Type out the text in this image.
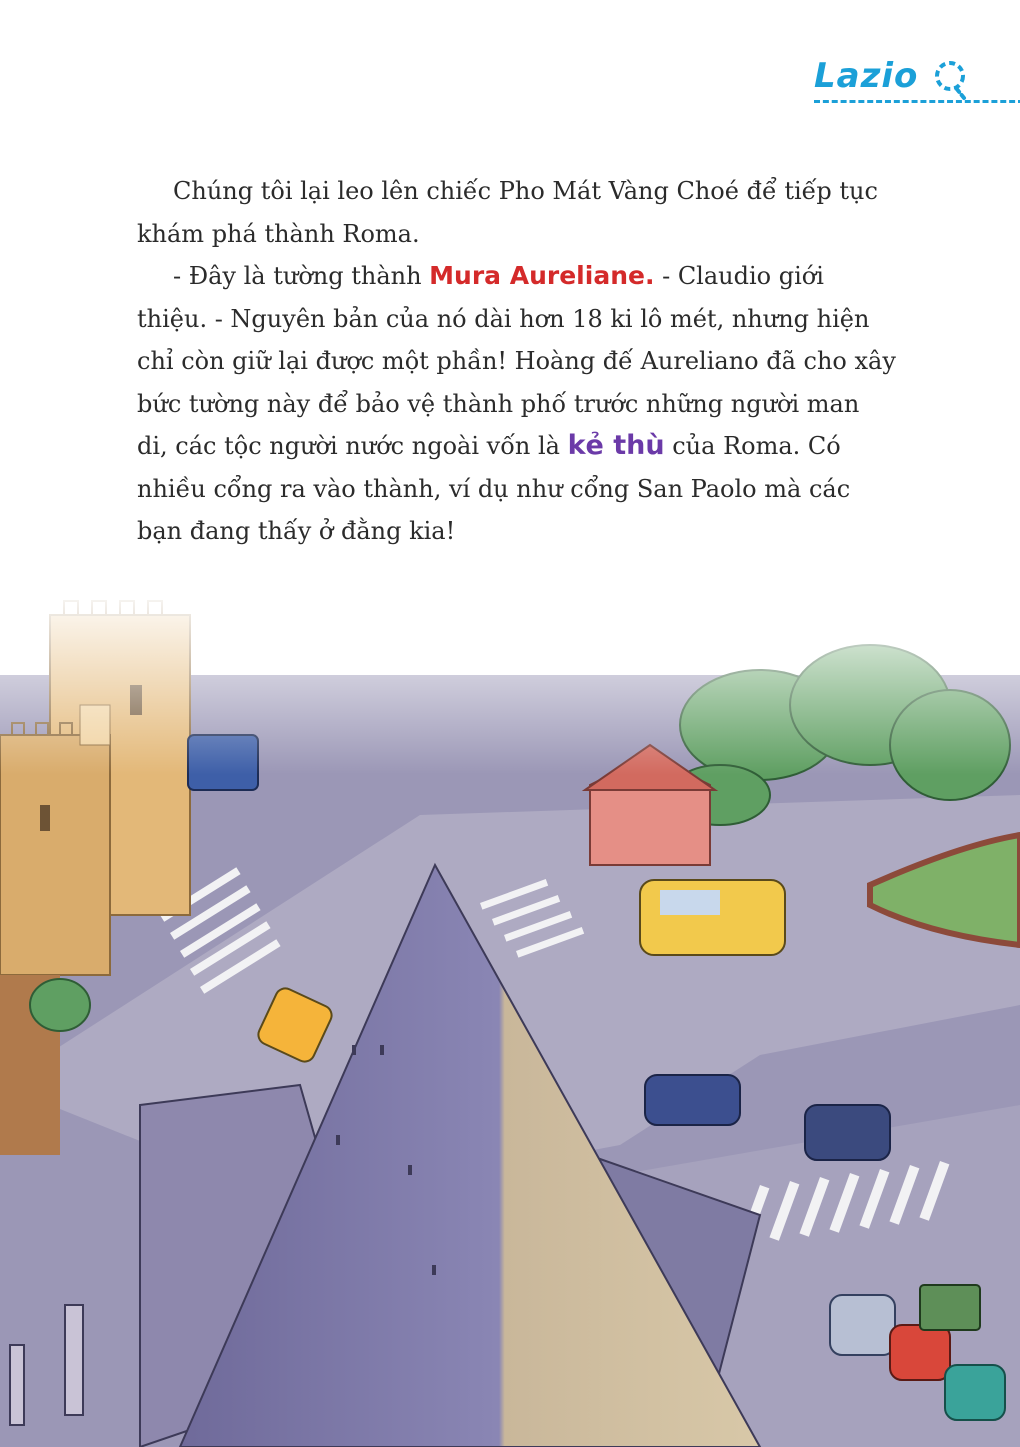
Lazio

Chúng tôi lại leo lên chiếc Pho Mát Vàng Choé để tiếp tục khám phá thành Roma.

- Đây là tường thành Mura Aureliane. - Claudio giới thiệu. - Nguyên bản của nó dài hơn 18 ki lô mét, nhưng hiện chỉ còn giữ lại được một phần! Hoàng đế Aureliano đã cho xây bức tường này để bảo vệ thành phố trước những người man di, các tộc người nước ngoài vốn là kẻ thù của Roma. Có nhiều cổng ra vào thành, ví dụ như cổng San Paolo mà các bạn đang thấy ở đằng kia!
